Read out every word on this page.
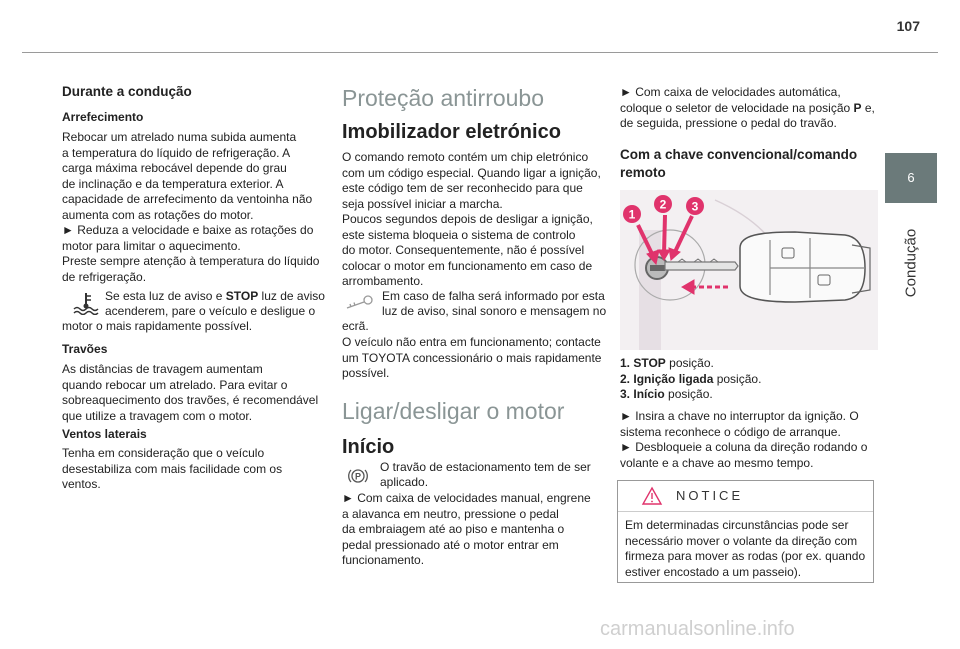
107
6
Condução
Durante a condução
Arrefecimento

Rebocar um atrelado numa subida aumenta

a temperatura do líquido de refrigeração. A

carga máxima rebocável depende do grau

de inclinação e da temperatura exterior. A

capacidade de arrefecimento da ventoinha não

aumenta com as rotações do motor.

► Reduza a velocidade e baixe as rotações do

motor para limitar o aquecimento.

Preste sempre atenção à temperatura do líquido

de refrigeração.

Se esta luz de aviso e STOP luz de aviso

acenderem, pare o veículo e desligue o

motor o mais rapidamente possível.

Travões

As distâncias de travagem aumentam

quando rebocar um atrelado. Para evitar o

sobreaquecimento dos travões, é recomendável

que utilize a travagem com o motor.

Ventos laterais

Tenha em consideração que o veículo

desestabiliza com mais facilidade com os

ventos.

Proteção antirroubo
Imobilizador eletrónico

O comando remoto contém um chip eletrónico

com um código especial. Quando ligar a ignição,

este código tem de ser reconhecido para que

seja possível iniciar a marcha.

Poucos segundos depois de desligar a ignição,

este sistema bloqueia o sistema de controlo

do motor. Consequentemente, não é possível

colocar o motor em funcionamento em caso de

arrombamento.

Em caso de falha será informado por esta

luz de aviso, sinal sonoro e mensagem no

ecrã.

O veículo não entra em funcionamento; contacte

um TOYOTA concessionário o mais rapidamente

possível.

Ligar/desligar o motor
Início
P

O travão de estacionamento tem de ser

aplicado.

► Com caixa de velocidades manual, engrene

a alavanca em neutro, pressione o pedal

da embraiagem até ao piso e mantenha o

pedal pressionado até o motor entrar em

funcionamento.

► Com caixa de velocidades automática,

coloque o seletor de velocidade na posição P e,

de seguida, pressione o pedal do travão.

Com a chave convencional/comando remoto
1
2 3

1. STOP posição.

2. Ignição ligada posição.

3. Início posição.

► Insira a chave no interruptor da ignição. O

sistema reconhece o código de arranque.

► Desbloqueie a coluna da direção rodando o

volante e a chave ao mesmo tempo.

NOTICE

Em determinadas circunstâncias pode ser

necessário mover o volante da direção com

firmeza para mover as rodas (por ex. quando

estiver encostado a um passeio).

carmanualsonline.info
